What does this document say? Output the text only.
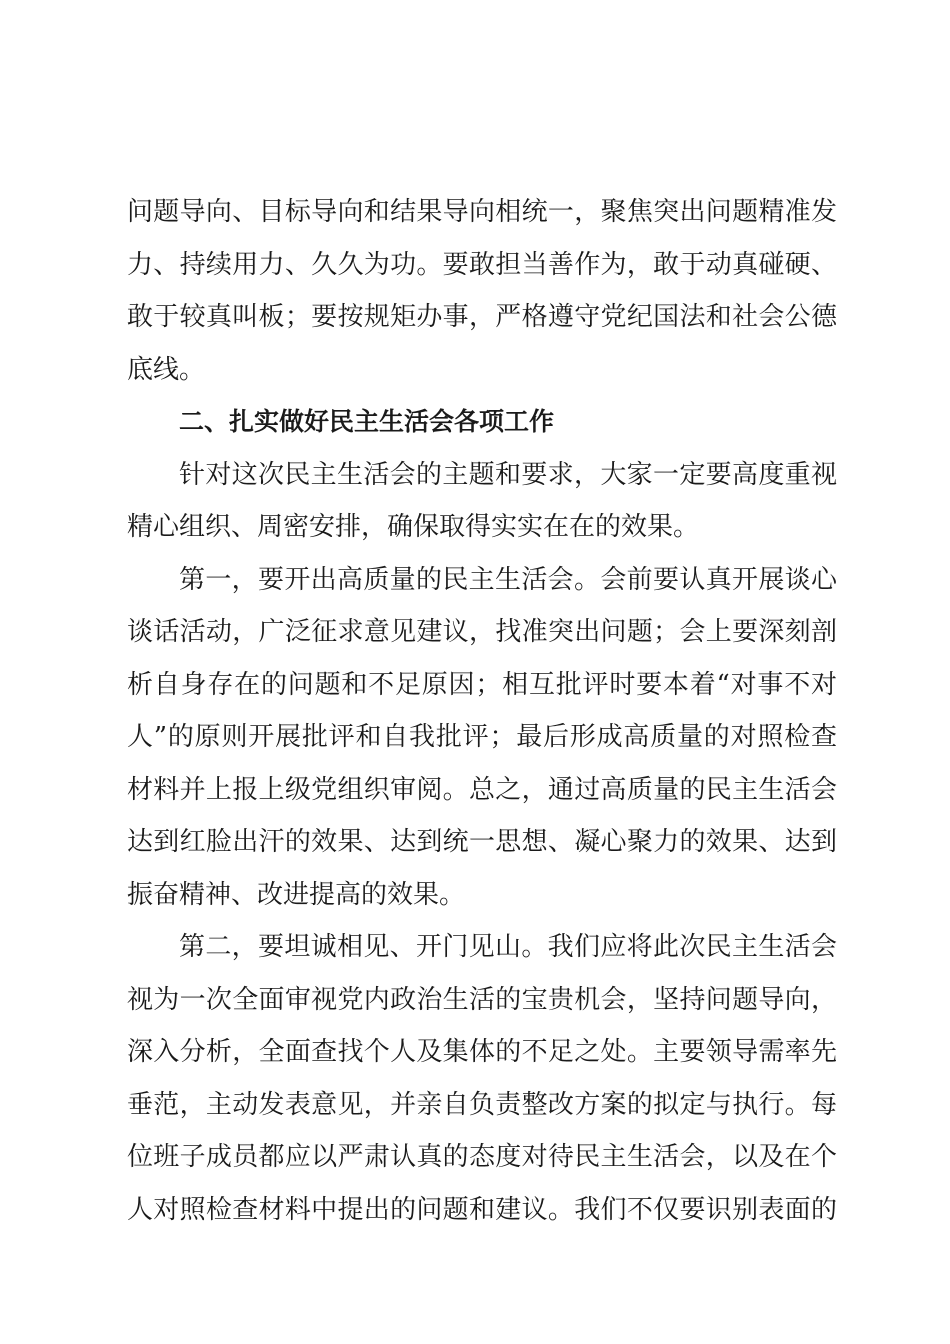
问题导向、目标导向和结果导向相统一，聚焦突出问题精准发
力、持续用力、久久为功。要敢担当善作为，敢于动真碰硬、
敢于较真叫板；要按规矩办事，严格遵守党纪国法和社会公德
底线。
二、扎实做好民主生活会各项工作
针对这次民主生活会的主题和要求，大家一定要高度重视
精心组织、周密安排，确保取得实实在在的效果。
第一，要开出高质量的民主生活会。会前要认真开展谈心
谈话活动，广泛征求意见建议，找准突出问题；会上要深刻剖
析自身存在的问题和不足原因；相互批评时要本着“对事不对
人”的原则开展批评和自我批评；最后形成高质量的对照检查
材料并上报上级党组织审阅。总之，通过高质量的民主生活会
达到红脸出汗的效果、达到统一思想、凝心聚力的效果、达到
振奋精神、改进提高的效果。
第二，要坦诚相见、开门见山。我们应将此次民主生活会
视为一次全面审视党内政治生活的宝贵机会，坚持问题导向，
深入分析，全面查找个人及集体的不足之处。主要领导需率先
垂范，主动发表意见，并亲自负责整改方案的拟定与执行。每
位班子成员都应以严肃认真的态度对待民主生活会，以及在个
人对照检查材料中提出的问题和建议。我们不仅要识别表面的
